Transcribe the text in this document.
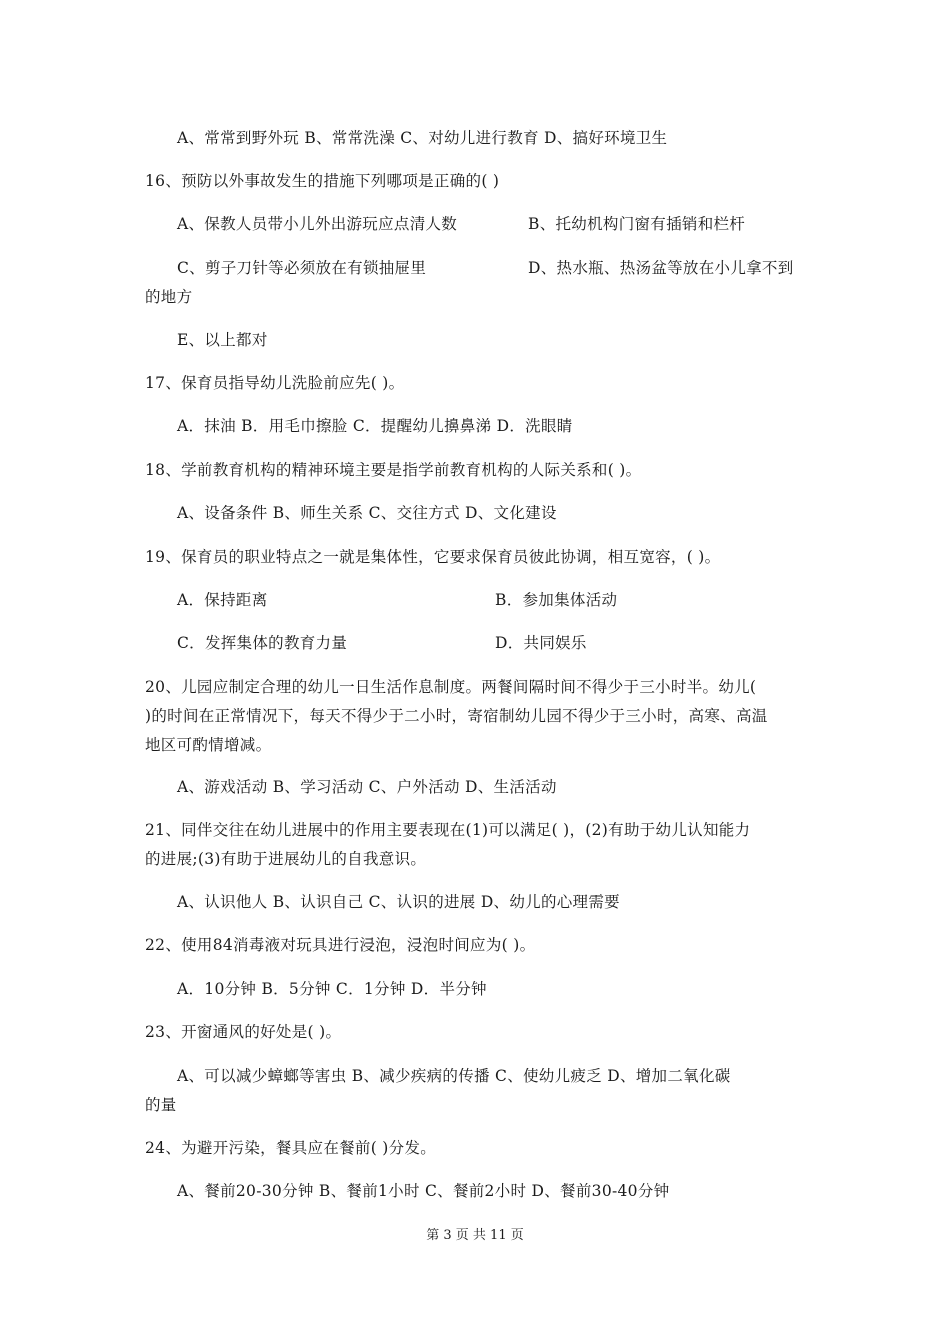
A、常常到野外玩 B、常常洗澡 C、对幼儿进行教育 D、搞好环境卫生
16、预防以外事故发生的措施下列哪项是正确的( )
A、保教人员带小儿外出游玩应点清人数	B、托幼机构门窗有插销和栏杆
C、剪子刀针等必须放在有锁抽屉里	D、热水瓶、热汤盆等放在小儿拿不到
的地方
E、以上都对
17、保育员指导幼儿洗脸前应先( )。
A．抹油 B．用毛巾擦脸 C．提醒幼儿擤鼻涕 D．洗眼睛
18、学前教育机构的精神环境主要是指学前教育机构的人际关系和( )。
A、设备条件 B、师生关系 C、交往方式 D、文化建设
19、保育员的职业特点之一就是集体性，它要求保育员彼此协调，相互宽容，( )。
A．保持距离	B．参加集体活动
C．发挥集体的教育力量	D．共同娱乐
20、儿园应制定合理的幼儿一日生活作息制度。两餐间隔时间不得少于三小时半。幼儿(
)的时间在正常情况下，每天不得少于二小时，寄宿制幼儿园不得少于三小时，高寒、高温
地区可酌情增减。
A、游戏活动 B、学习活动 C、户外活动 D、生活活动
21、同伴交往在幼儿进展中的作用主要表现在(1)可以满足( )，(2)有助于幼儿认知能力
的进展;(3)有助于进展幼儿的自我意识。
A、认识他人 B、认识自己 C、认识的进展 D、幼儿的心理需要
22、使用84消毒液对玩具进行浸泡，浸泡时间应为( )。
A．10分钟 B．5分钟 C．1分钟 D．半分钟
23、开窗通风的好处是( )。
A、可以减少蟑螂等害虫 B、减少疾病的传播 C、使幼儿疲乏 D、增加二氧化碳
的量
24、为避开污染，餐具应在餐前( )分发。
A、餐前20-30分钟 B、餐前1小时 C、餐前2小时 D、餐前30-40分钟
第 3 页 共 11 页
